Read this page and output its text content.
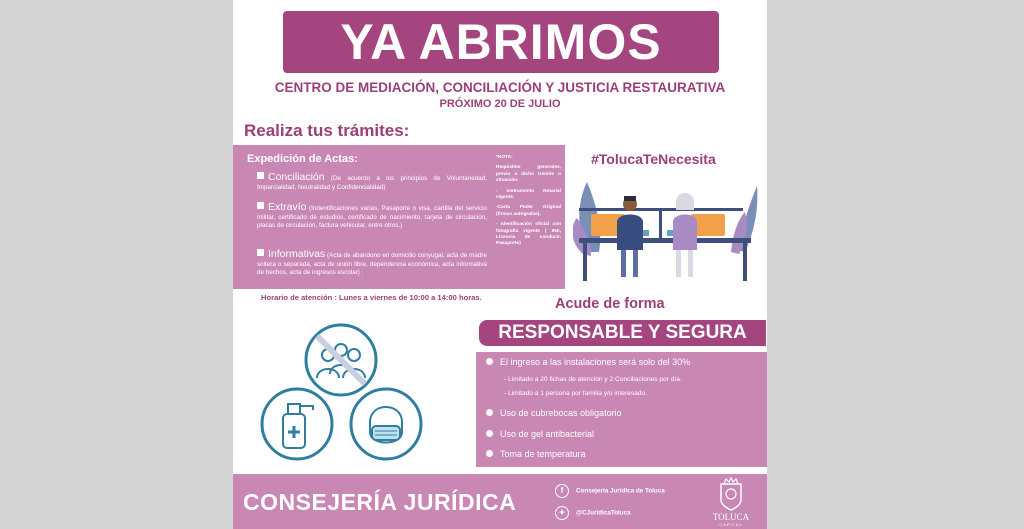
YA ABRIMOS
CENTRO DE MEDIACIÓN, CONCILIACIÓN Y JUSTICIA RESTAURATIVA
PRÓXIMO 20 DE JULIO
Realiza tus trámites:
Expedición de Actas:
Conciliación (De acuerdo a los principios de Voluntariedad, Imparcialidad, Neutralidad y Confidencialidad)
Extravío (Indentificaciones varias, Pasaporte o visa, cartilla del servicio militar, certificado de estudios, certificado de nacimiento, tarjeta de circulación, placas de circulación, factura vehicular, entre otros.)
Informativas (Acta de abandono en domicilio conyugal, acta de madre soltera o separada, acta de unión libre, dependencia económica, acta informativa de hechos, acta de ingresos escolar) .

*NOTA:

Requisitos generales, previo a dicho trámite o situación.

- Instrumento Notarial vigente.

-Carta Poder Original (firmas autógrafas).

- Identificación oficial con fotografía vigente ( INE, Licencia de conducir, Pasaporte)

#TolucaTeNecesita
Horario de atención : Lunes a viernes de 10:00 a 14:00 horas.	Acude de forma
RESPONSABLE Y SEGURA
El ingreso a las instalaciones será solo del 30%
- Limitado a 20 fichas de atención y 2 Conciliaciones por día.
- Limitado a 1 persona por familia y/o interesado.
Uso de cubrebocas obligatorio
Uso de gel antibacterial
Toma de temperatura
CONSEJERÍA JURÍDICA	f Consejería Jurídica de Toluca
✦ @CJuridicaToluca	TOLUCA
CAPITAL
